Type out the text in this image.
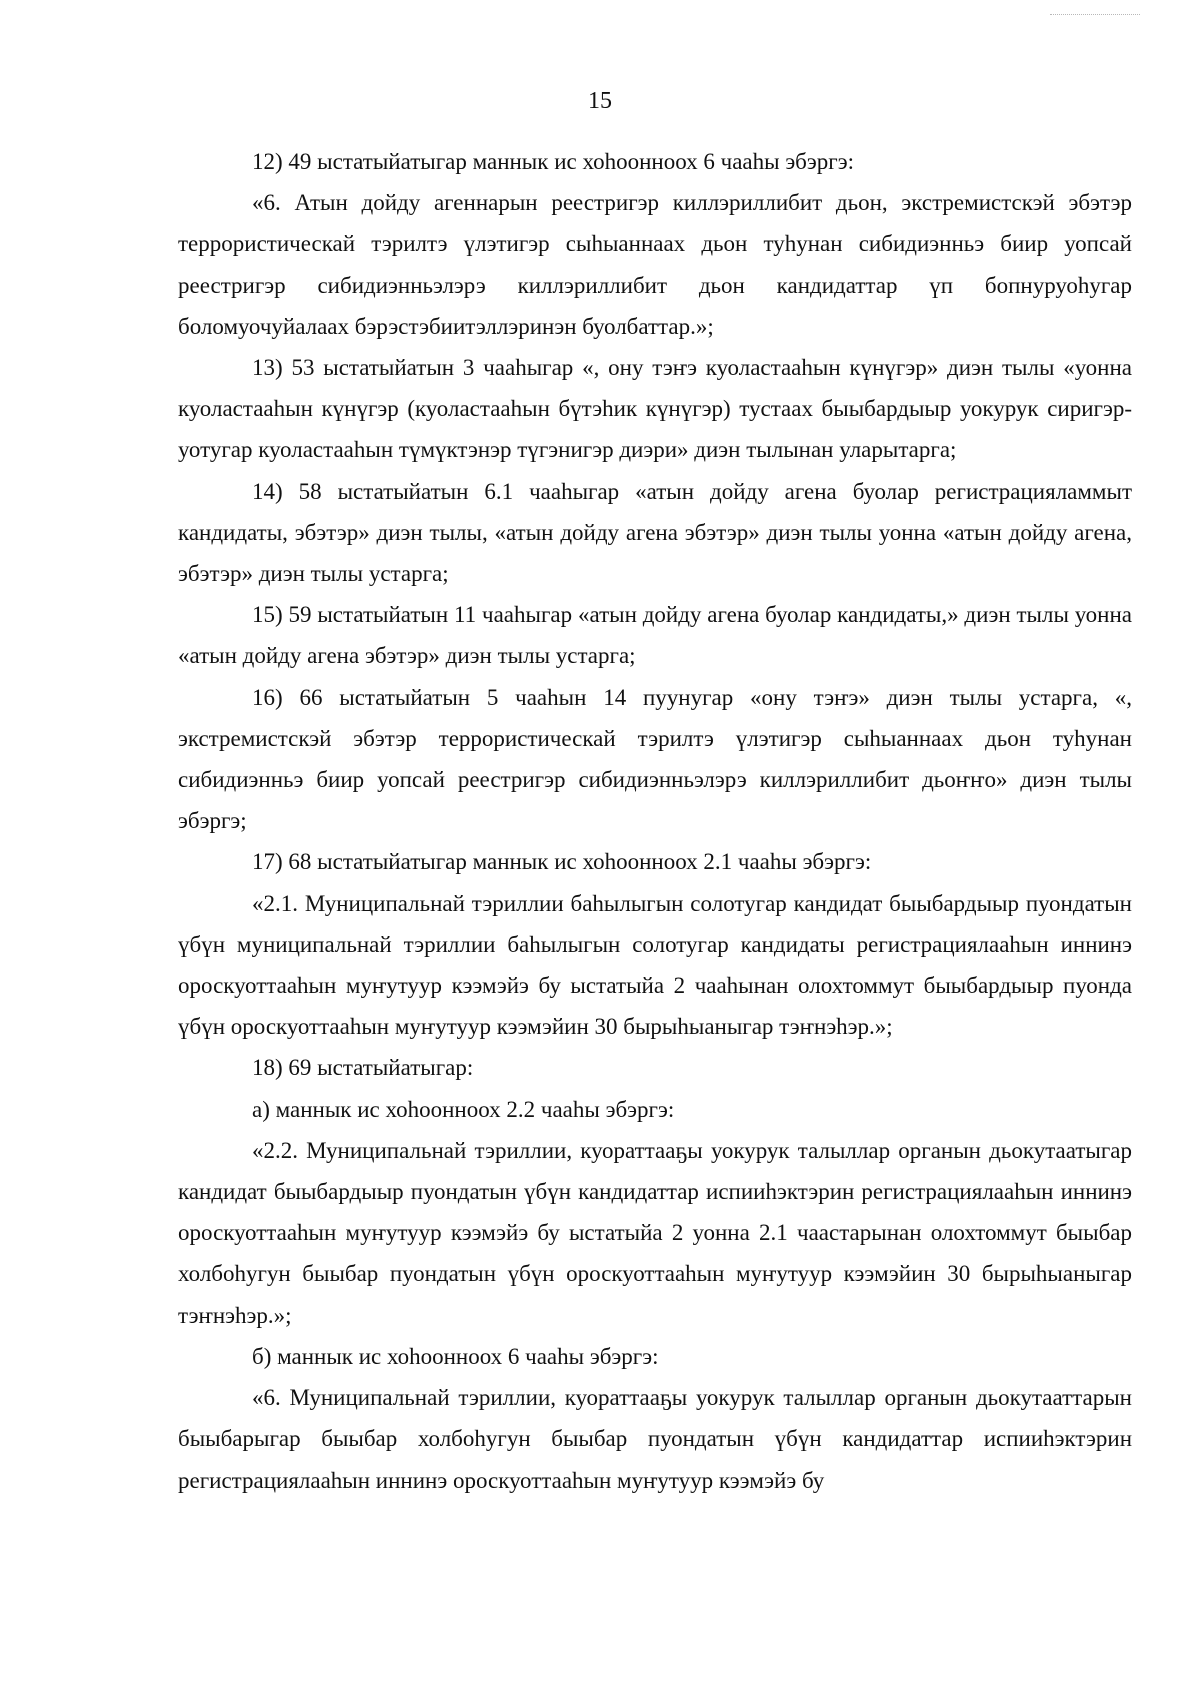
15

12) 49 ыстатыйатыгар маннык ис хоһоонноох 6 чааһы эбэргэ:

«6. Атын дойду агеннарын реестригэр киллэриллибит дьон, экстремистскэй эбэтэр террористическай тэрилтэ үлэтигэр сыһыаннаах дьон туһунан сибидиэнньэ биир уопсай реестригэр сибидиэнньэлэрэ киллэриллибит дьон кандидаттар үп бопнуруоһугар боломуочуйалаах бэрэстэбиитэллэринэн буолбаттар.»;

13) 53 ыстатыйатын 3 чааһыгар «, ону тэҥэ куоластааһын күнүгэр» диэн тылы «уонна куоластааһын күнүгэр (куоластааһын бүтэһик күнүгэр) тустаах быыбардыыр уокурук сиригэр-уотугар куоластааһын түмүктэнэр түгэнигэр диэри» диэн тылынан уларытарга;

14) 58 ыстатыйатын 6.1 чааһыгар «атын дойду агена буолар регистрацияламмыт кандидаты, эбэтэр» диэн тылы, «атын дойду агена эбэтэр» диэн тылы уонна «атын дойду агена, эбэтэр» диэн тылы устарга;

15) 59 ыстатыйатын 11 чааһыгар «атын дойду агена буолар кандидаты,» диэн тылы уонна «атын дойду агена эбэтэр» диэн тылы устарга;

16) 66 ыстатыйатын 5 чааһын 14 пуунугар «ону тэҥэ» диэн тылы устарга, «, экстремистскэй эбэтэр террористическай тэрилтэ үлэтигэр сыһыаннаах дьон туһунан сибидиэнньэ биир уопсай реестригэр сибидиэнньэлэрэ киллэриллибит дьоҥҥо» диэн тылы эбэргэ;

17) 68 ыстатыйатыгар маннык ис хоһоонноох 2.1 чааһы эбэргэ:

«2.1. Муниципальнай тэриллии баһылыгын солотугар кандидат быыбардыыр пуондатын үбүн муниципальнай тэриллии баһылыгын солотугар кандидаты регистрациялааһын иннинэ ороскуоттааһын муҥутуур кээмэйэ бу ыстатыйа 2 чааһынан олохтоммут быыбардыыр пуонда үбүн ороскуоттааһын муҥутуур кээмэйин 30 бырыһыаныгар тэҥнэһэр.»;

18) 69 ыстатыйатыгар:

а) маннык ис хоһоонноох 2.2 чааһы эбэргэ:

«2.2. Муниципальнай тэриллии, куораттааҕы уокурук талыллар органын дьокутаатыгар кандидат быыбардыыр пуондатын үбүн кандидаттар испииһэктэрин регистрациялааһын иннинэ ороскуоттааһын муҥутуур кээмэйэ бу ыстатыйа 2 уонна 2.1 чаастарынан олохтоммут быыбар холбоһугун быыбар пуондатын үбүн ороскуоттааһын муҥутуур кээмэйин 30 бырыһыаныгар тэҥнэһэр.»;

б) маннык ис хоһоонноох 6 чааһы эбэргэ:

«6. Муниципальнай тэриллии, куораттааҕы уокурук талыллар органын дьокутааттарын быыбарыгар быыбар холбоһугун быыбар пуондатын үбүн кандидаттар испииһэктэрин регистрациялааһын иннинэ ороскуоттааһын муҥутуур кээмэйэ бу
